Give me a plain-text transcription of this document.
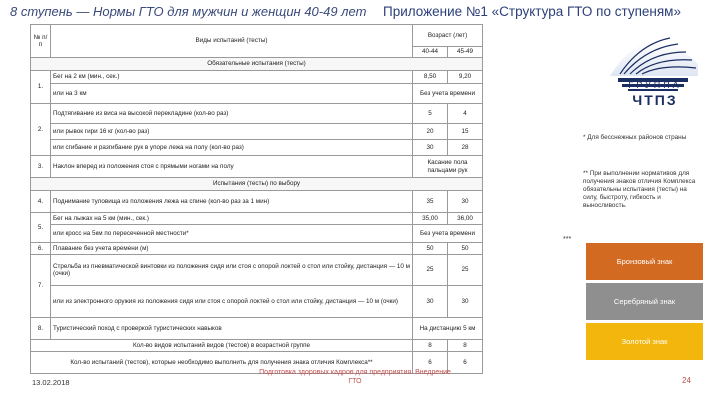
8 ступень — Нормы ГТО для мужчин и женщин 40-49 лет Приложение №1 «Структура ГТО по ступеням»
№ п/п	Виды испытаний (тесты)	Возраст (лет)	
		40-44	45-49
Обязательные испытания (тесты)			
1.	Бег на 2 км (мин., сек.)	8,50	9,20
	или на 3 км	Без учета времени	
2.	Подтягивание из виса на высокой перекладине (кол-во раз)	5	4
	или рывок гири 16 кг (кол-во раз)	20	15
	или сгибание и разгибание рук в упоре лежа на полу (кол-во раз)	30	28
3.	Наклон вперед из положения стоя с прямыми ногами на полу	Касание пола пальцами рук	
Испытания (тесты) по выбору			
4.	Поднимание туловища из положения лежа на спине (кол-во раз за 1 мин)	35	30
5.	Бег на лыжах на 5 км (мин., сек.)	35,00	36,00
	или кросс на 5км по пересеченной местности*	Без учета времени	
6.	Плавание без учета времени (м)	50	50
7.	Стрельба из пневматической винтовки из положения сидя или стоя с опорой локтей о стол или стойку, дистанция — 10 м (очки)	25	25
	или из электронного оружия из положения сидя или стоя с опорой локтей о стол или стойку, дистанция — 10 м (очки)	30	30
8.	Туристический поход с проверкой туристических навыков	На дистанцию 5 км	
Кол-во видов испытаний видов (тестов) в возрастной группе		8	8
Кол-во испытаний (тестов), которые необходимо выполнить для получения знака отличия Комплекса**		6	6
ГРУППА
ЧТПЗ
* Для бесснежных районов страны
** При выполнении нормативов для получения знаков отличия Комплекса обязательны испытания (тесты) на силу, быстроту, гибкость и выносливость.
***
Бронзовый знак
Серебряный знак
Золотой знак
13.02.2018
Подготовка здоровых кадров для предприятия. Внедрение ГТО	24
